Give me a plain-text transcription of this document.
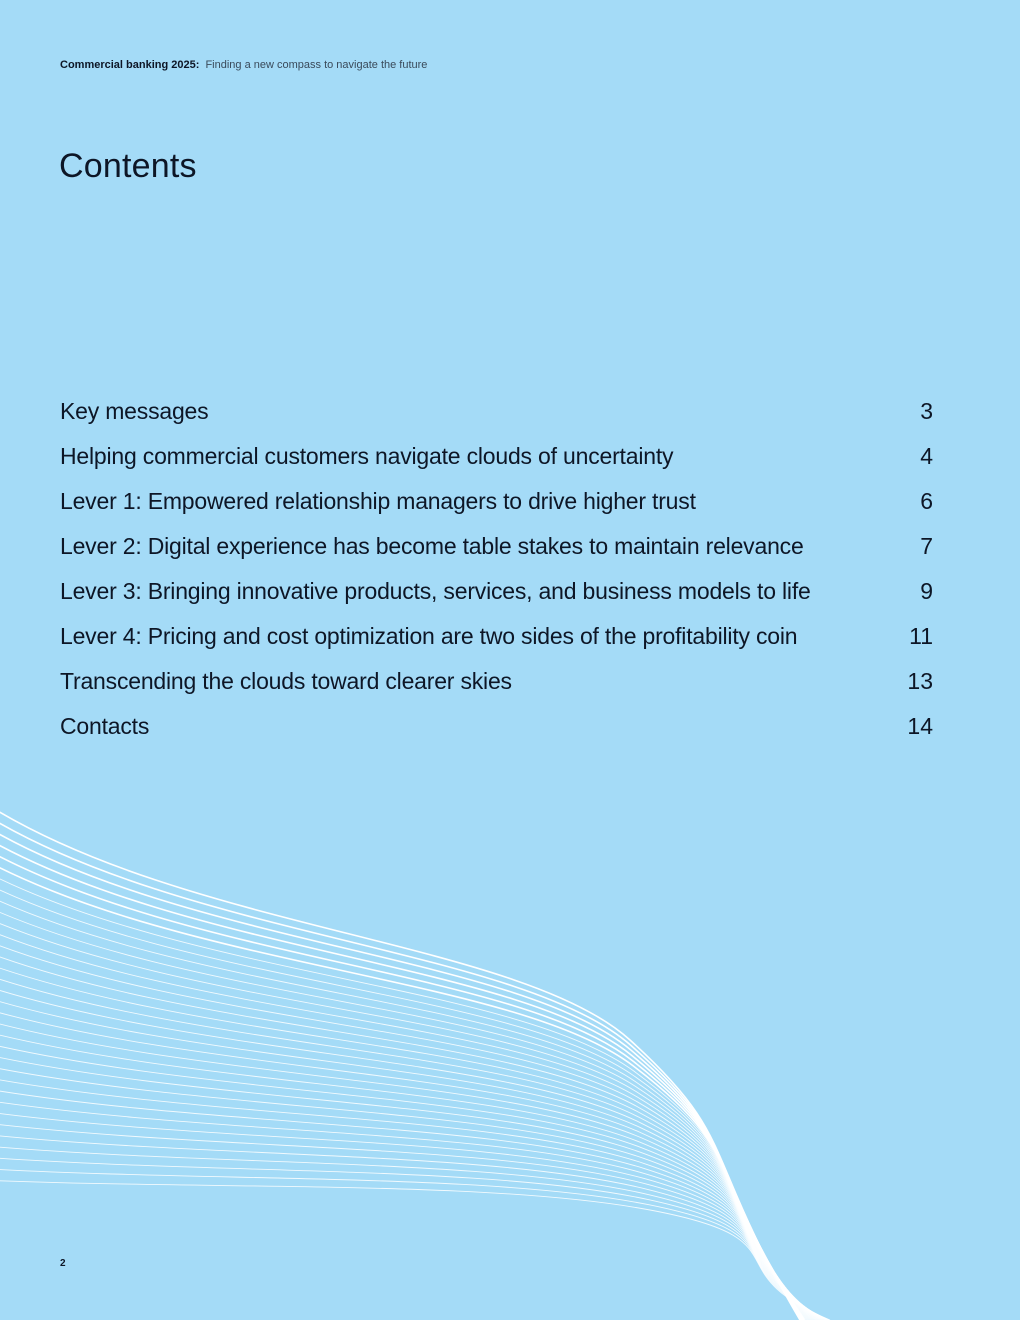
Commercial banking 2025: Finding a new compass to navigate the future
Contents
Key messages	3
Helping commercial customers navigate clouds of uncertainty	4
Lever 1: Empowered relationship managers to drive higher trust	6
Lever 2: Digital experience has become table stakes to maintain relevance	7
Lever 3: Bringing innovative products, services, and business models to life	9
Lever 4: Pricing and cost optimization are two sides of the profitability coin	11
Transcending the clouds toward clearer skies	13
Contacts	14
2
